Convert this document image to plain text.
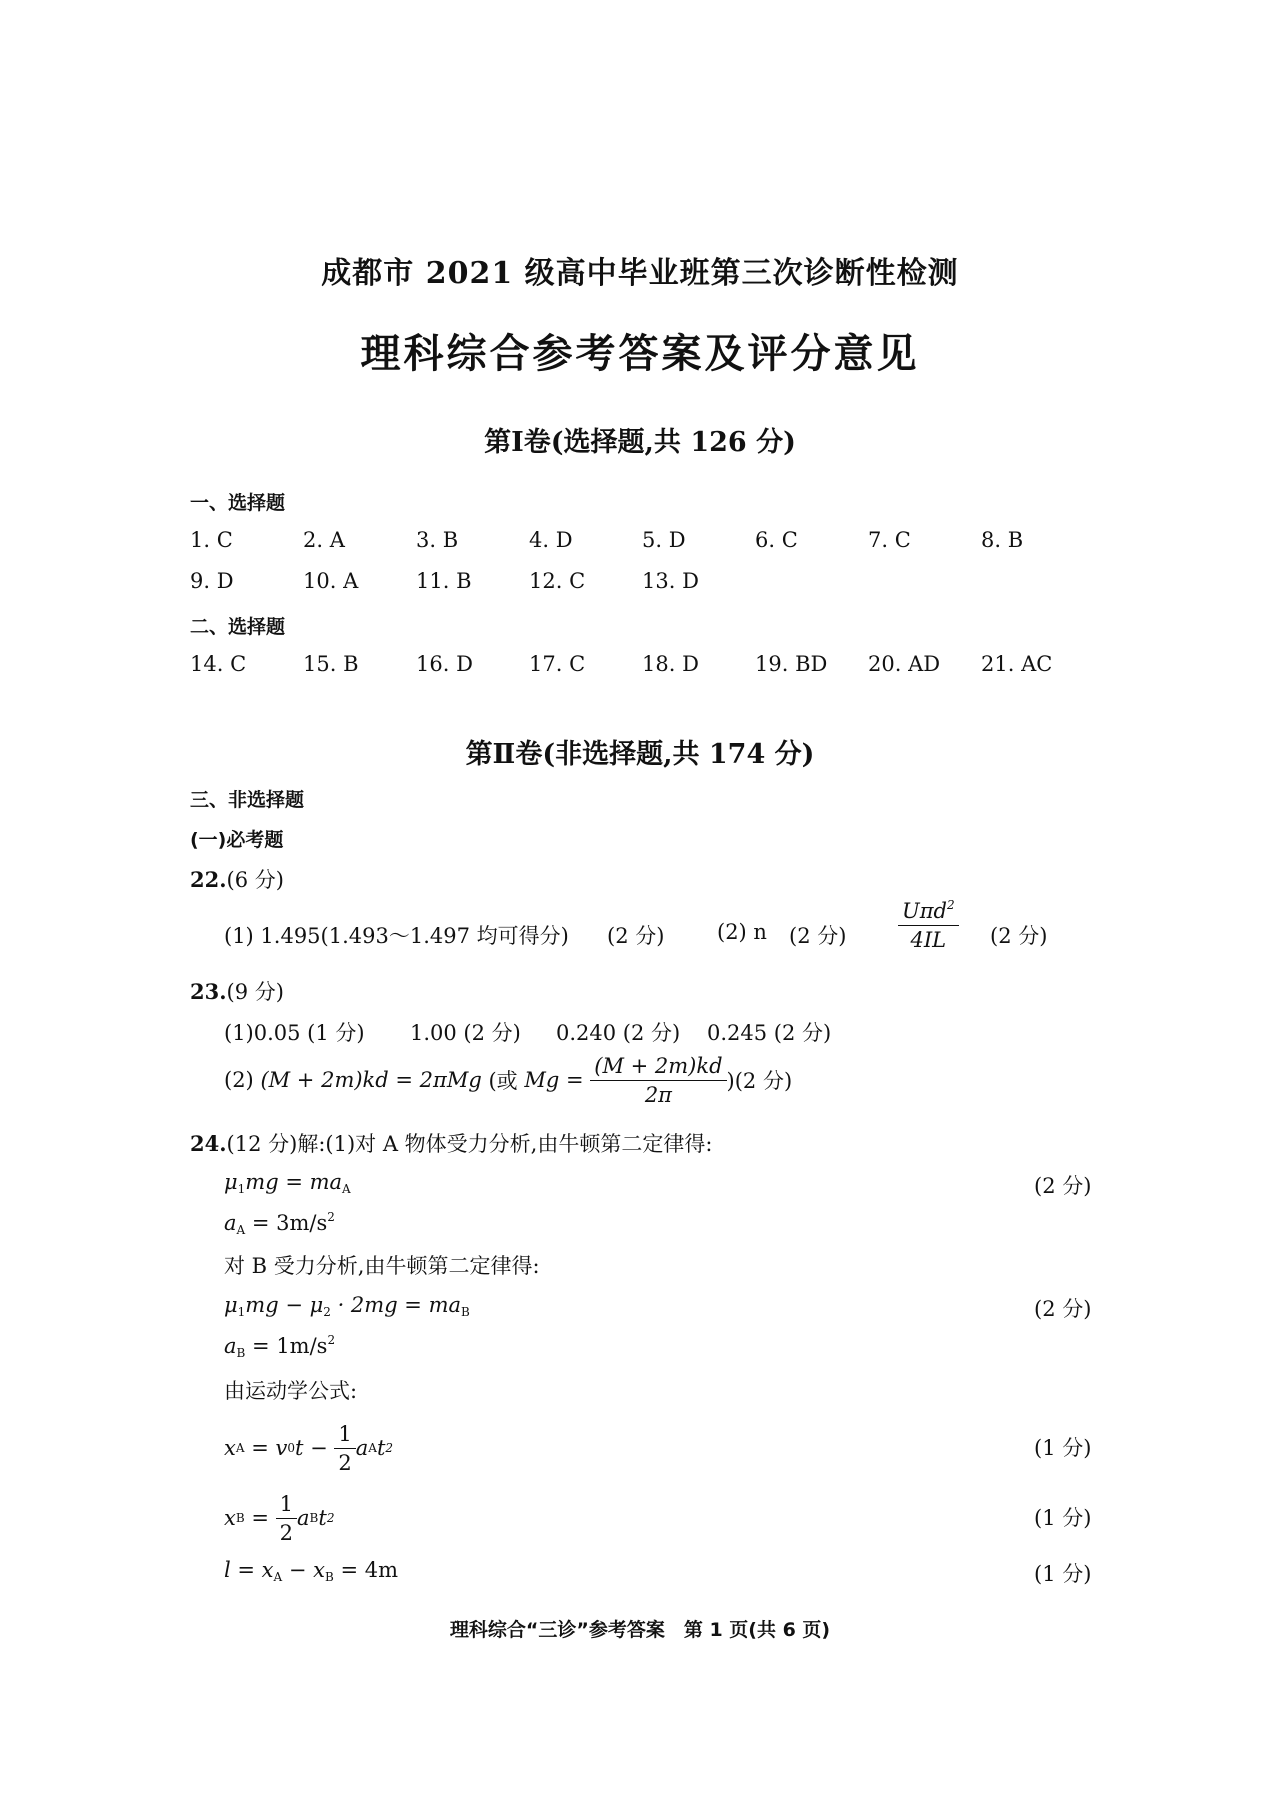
成都市 2021 级高中毕业班第三次诊断性检测
理科综合参考答案及评分意见
第Ⅰ卷(选择题,共 126 分)
一、选择题
1. C	2. A	3. B	4. D	5. D	6. C	7. C	8. B
9. D	10. A	11. B	12. C	13. D
二、选择题
14. C	15. B	16. D	17. C	18. D	19. BD 20. AD 21. AC
第Ⅱ卷(非选择题,共 174 分)
三、非选择题
(一)必考题
22.(6 分)
(1) 1.495(1.493～1.497 均可得分) (2 分)	(2) n (2 分) $\frac{U\pi d^2}{4IL} (2$ 分)
23.(9 分)
(1)0.05 (1 分) 1.00 (2 分) 0.240 (2 分) 0.245 (2 分)
(2)
(M + 2m)kd = 2πMg
(或
Mg =
$\frac{(M + 2m)kd}{2\pi} )(2$ 分)
24.(12 分)解:(1)对 A 物体受力分析,由牛顿第二定律得:
$\mu_1mg = ma_A$	(2 分)
$a_A = 3m/s^2$
对 B 受力分析,由牛顿第二定律得:
$\mu_1mg - \mu_2 \cdot 2mg = ma_B$	(2 分)
$a_B = 1m/s^2$
由运动学公式:
x A = v 0 $t - \frac{1}{2}$ a A t 2	(1 分)
x $B = \frac{1}{2}$ a B t 2	(1 分)
$l = x_A - x_B = 4m$	(1 分)
理科综合“三诊”参考答案　第 1 页(共 6 页)
